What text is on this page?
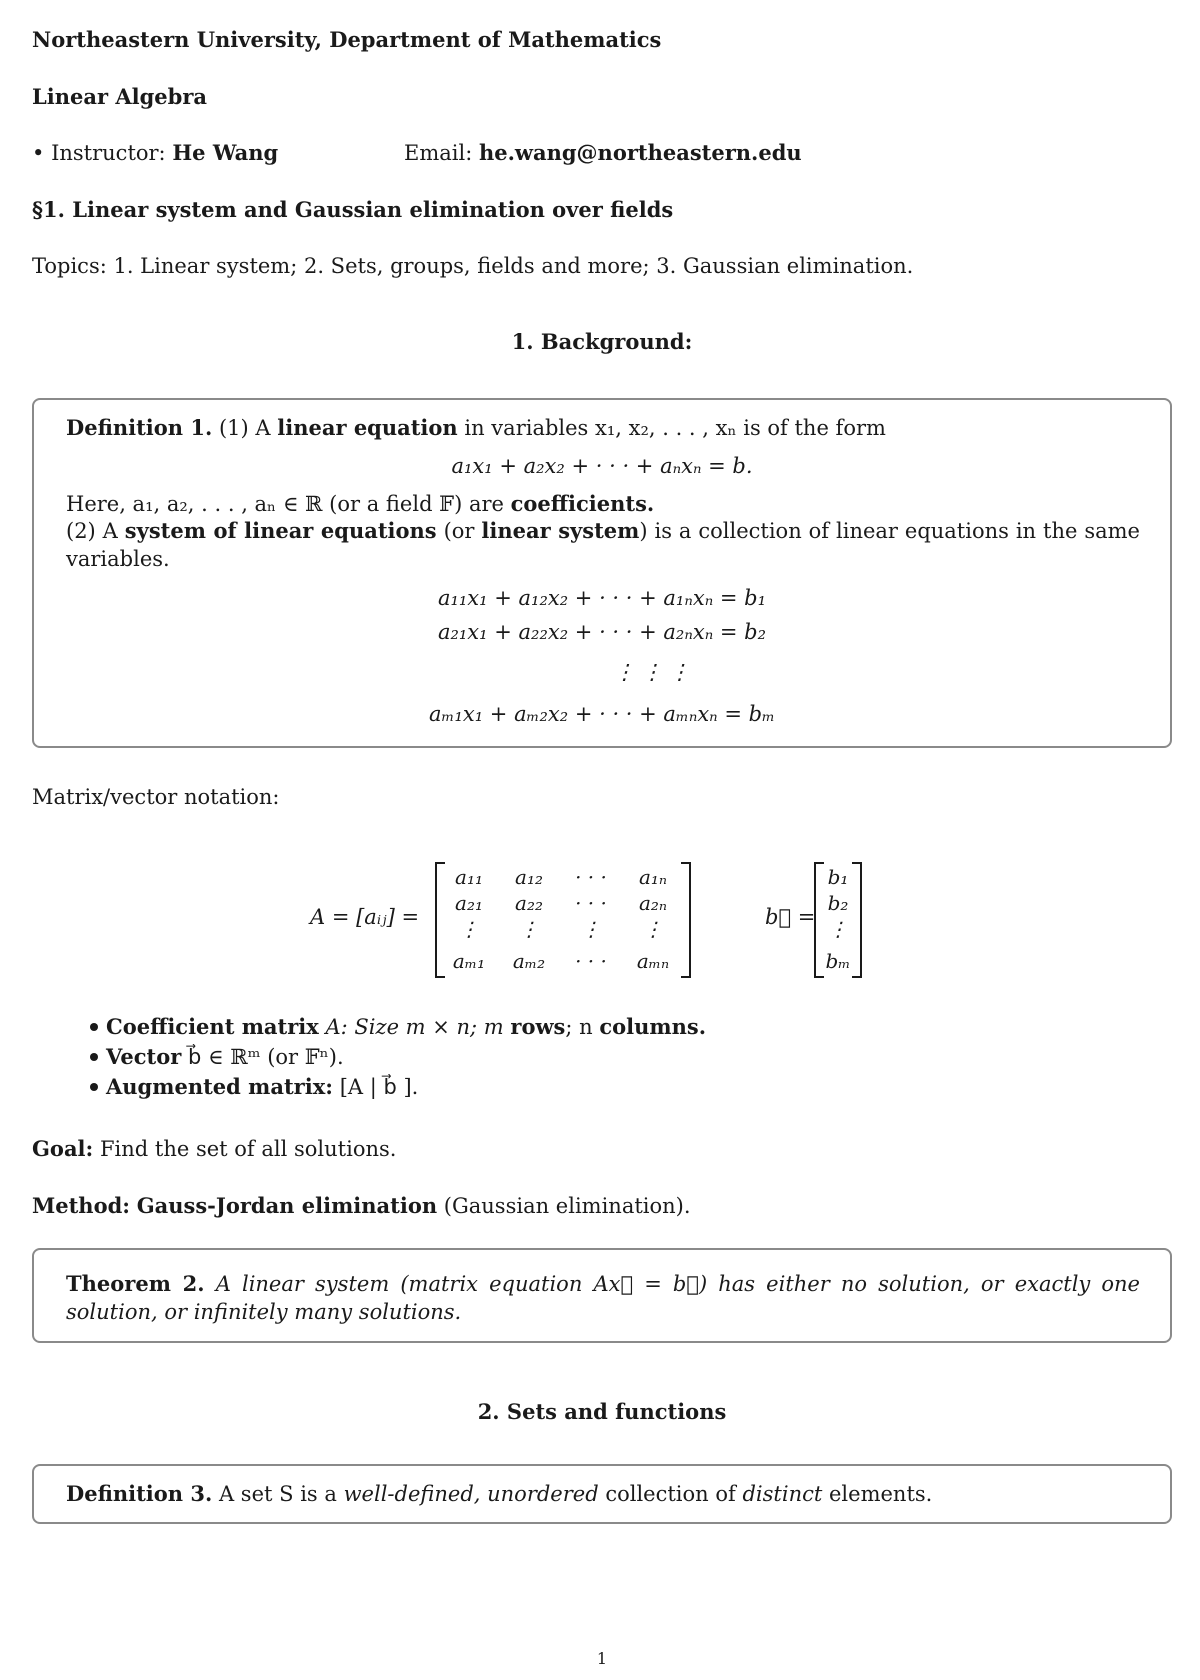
Northeastern University, Department of Mathematics
Linear Algebra
• Instructor: He Wang	Email: he.wang@northeastern.edu
§1. Linear system and Gaussian elimination over fields
Topics: 1. Linear system; 2. Sets, groups, fields and more; 3. Gaussian elimination.
1. Background:
Definition 1. (1) A linear equation in variables x₁, x₂, . . . , xₙ is of the form
a₁x₁ + a₂x₂ + · · · + aₙxₙ = b.
Here, a₁, a₂, . . . , aₙ ∈ ℝ (or a field 𝔽) are coefficients.
(2) A system of linear equations (or linear system) is a collection of linear equations in the same variables.
a₁₁x₁ + a₁₂x₂ + · · · + a₁ₙxₙ = b₁
a₂₁x₁ + a₂₂x₂ + · · · + a₂ₙxₙ = b₂
⋮ ⋮ ⋮
aₘ₁x₁ + aₘ₂x₂ + · · · + aₘₙxₙ = bₘ
Matrix/vector notation:
A = [aᵢⱼ] =
a₁₁	a₁₂	· · ·	a₁ₙ
a₂₁	a₂₂	· · ·	a₂ₙ
⋮	⋮	⋮	⋮
aₘ₁	aₘ₂	· · ·	aₘₙ
b⃗ =
b₁
b₂
⋮
bₘ
Coefficient matrix A: Size m × n; m rows; n columns.
Vector b⃗ ∈ ℝᵐ (or 𝔽ⁿ).
Augmented matrix: [A | b⃗ ].
Goal: Find the set of all solutions.
Method: Gauss-Jordan elimination (Gaussian elimination).
Theorem 2. A linear system (matrix equation Ax⃗ = b⃗) has either no solution, or exactly one solution, or infinitely many solutions.
2. Sets and functions
Definition 3. A set S is a well-defined, unordered collection of distinct elements.
1
